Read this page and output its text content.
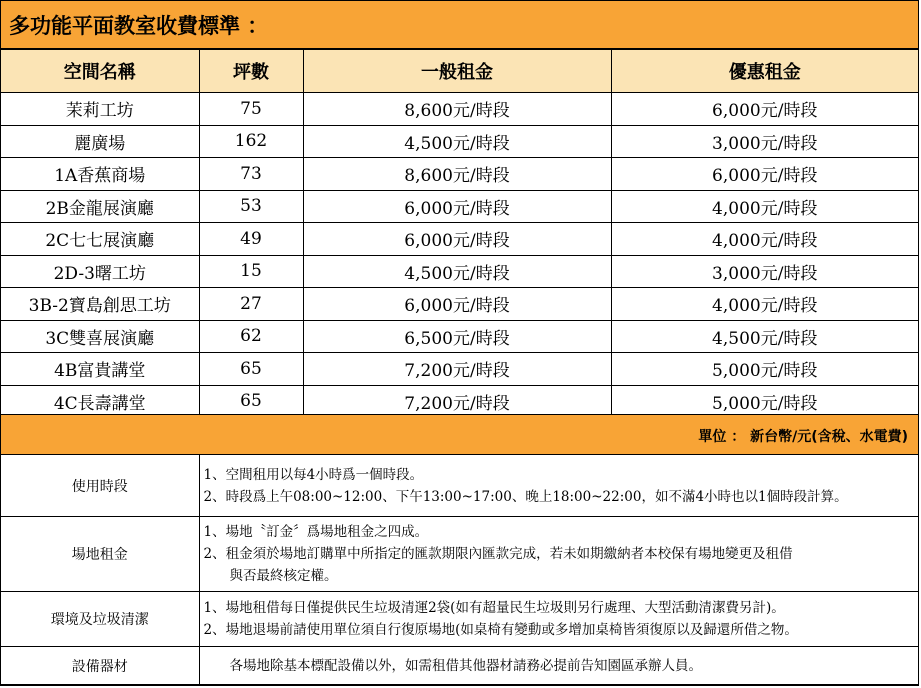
多功能平面教室收費標準 ：
空間名稱	坪數	一般租金	優惠租金
茉莉工坊	75	8,600元/時段	6,000元/時段
麗廣場	162	4,500元/時段	3,000元/時段
1A香蕉商場	73	8,600元/時段	6,000元/時段
2B金龍展演廳	53	6,000元/時段	4,000元/時段
2C七七展演廳	49	6,000元/時段	4,000元/時段
2D-3曙工坊	15	4,500元/時段	3,000元/時段
3B-2寶島創思工坊	27	6,000元/時段	4,000元/時段
3C雙喜展演廳	62	6,500元/時段	4,500元/時段
4B富貴講堂	65	7,200元/時段	5,000元/時段
4C長壽講堂	65	7,200元/時段	5,000元/時段
單位 ： 新台幣/元(含稅、水電費)
使用時段	1、空間租用以每4小時爲一個時段。
2、時段爲上午08:00~12:00、下午13:00~17:00、晚上18:00~22:00，如不滿4小時也以1個時段計算。

場地租金	1、場地〝訂金〞爲場地租金之四成。
2、租金須於場地訂購單中所指定的匯款期限內匯款完成，若未如期繳納者本校保有場地變更及租借
與否最終核定權。

環境及垃圾清潔	1、場地租借每日僅提供民生垃圾清運2袋(如有超量民生垃圾則另行處理、大型活動清潔費另計)。
2、場地退場前請使用單位須自行復原場地(如桌椅有變動或多增加桌椅皆須復原以及歸還所借之物。

設備器材	各場地除基本標配設備以外，如需租借其他器材請務必提前告知園區承辦人員。
